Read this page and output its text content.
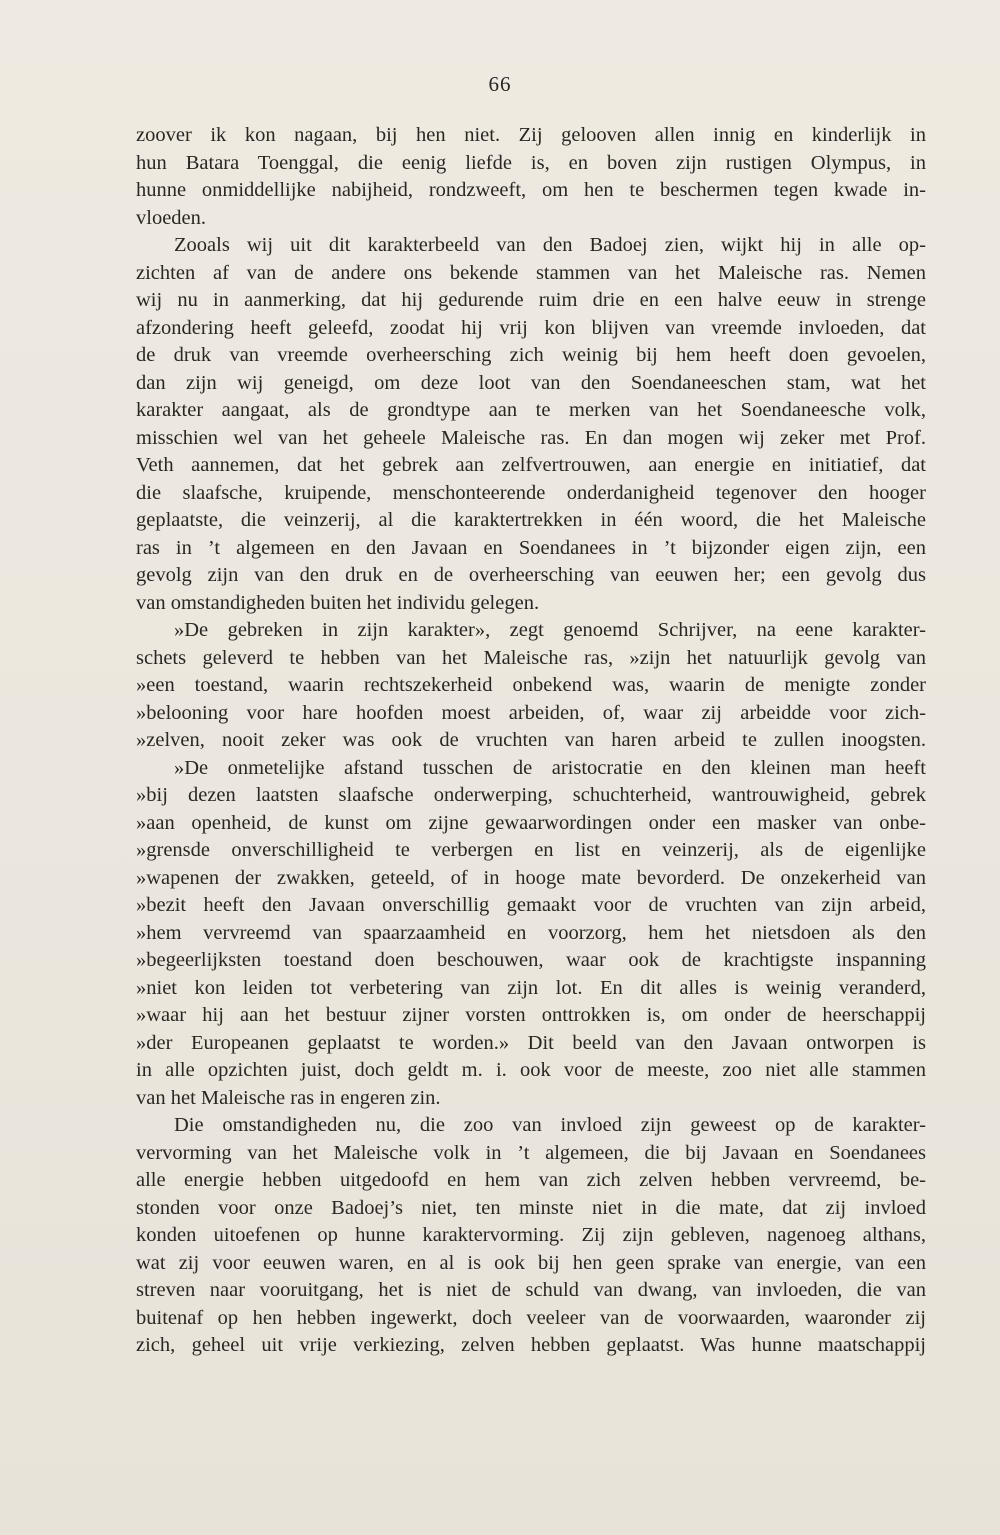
66
zoover ik kon nagaan, bij hen niet. Zij gelooven allen innig en kinderlijk in
hun Batara Toenggal, die eenig liefde is, en boven zijn rustigen Olympus, in
hunne onmiddellijke nabijheid, rondzweeft, om hen te beschermen tegen kwade in-
vloeden.
Zooals wij uit dit karakterbeeld van den Badoej zien, wijkt hij in alle op-
zichten af van de andere ons bekende stammen van het Maleische ras. Nemen
wij nu in aanmerking, dat hij gedurende ruim drie en een halve eeuw in strenge
afzondering heeft geleefd, zoodat hij vrij kon blijven van vreemde invloeden, dat
de druk van vreemde overheersching zich weinig bij hem heeft doen gevoelen,
dan zijn wij geneigd, om deze loot van den Soendaneeschen stam, wat het
karakter aangaat, als de grondtype aan te merken van het Soendaneesche volk,
misschien wel van het geheele Maleische ras. En dan mogen wij zeker met Prof.
Veth aannemen, dat het gebrek aan zelfvertrouwen, aan energie en initiatief, dat
die slaafsche, kruipende, menschonteerende onderdanigheid tegenover den hooger
geplaatste, die veinzerij, al die karaktertrekken in één woord, die het Maleische
ras in ’t algemeen en den Javaan en Soendanees in ’t bijzonder eigen zijn, een
gevolg zijn van den druk en de overheersching van eeuwen her; een gevolg dus
van omstandigheden buiten het individu gelegen.
»De gebreken in zijn karakter», zegt genoemd Schrijver, na eene karakter-
schets geleverd te hebben van het Maleische ras, »zijn het natuurlijk gevolg van
»een toestand, waarin rechtszekerheid onbekend was, waarin de menigte zonder
»belooning voor hare hoofden moest arbeiden, of, waar zij arbeidde voor zich-
»zelven, nooit zeker was ook de vruchten van haren arbeid te zullen inoogsten.
»De onmetelijke afstand tusschen de aristocratie en den kleinen man heeft
»bij dezen laatsten slaafsche onderwerping, schuchterheid, wantrouwigheid, gebrek
»aan openheid, de kunst om zijne gewaarwordingen onder een masker van onbe-
»grensde onverschilligheid te verbergen en list en veinzerij, als de eigenlijke
»wapenen der zwakken, geteeld, of in hooge mate bevorderd. De onzekerheid van
»bezit heeft den Javaan onverschillig gemaakt voor de vruchten van zijn arbeid,
»hem vervreemd van spaarzaamheid en voorzorg, hem het nietsdoen als den
»begeerlijksten toestand doen beschouwen, waar ook de krachtigste inspanning
»niet kon leiden tot verbetering van zijn lot. En dit alles is weinig veranderd,
»waar hij aan het bestuur zijner vorsten onttrokken is, om onder de heerschappij
»der Europeanen geplaatst te worden.» Dit beeld van den Javaan ontworpen is
in alle opzichten juist, doch geldt m. i. ook voor de meeste, zoo niet alle stammen
van het Maleische ras in engeren zin.
Die omstandigheden nu, die zoo van invloed zijn geweest op de karakter-
vervorming van het Maleische volk in ’t algemeen, die bij Javaan en Soendanees
alle energie hebben uitgedoofd en hem van zich zelven hebben vervreemd, be-
stonden voor onze Badoej’s niet, ten minste niet in die mate, dat zij invloed
konden uitoefenen op hunne karaktervorming. Zij zijn gebleven, nagenoeg althans,
wat zij voor eeuwen waren, en al is ook bij hen geen sprake van energie, van een
streven naar vooruitgang, het is niet de schuld van dwang, van invloeden, die van
buitenaf op hen hebben ingewerkt, doch veeleer van de voorwaarden, waaronder zij
zich, geheel uit vrije verkiezing, zelven hebben geplaatst. Was hunne maatschappij
